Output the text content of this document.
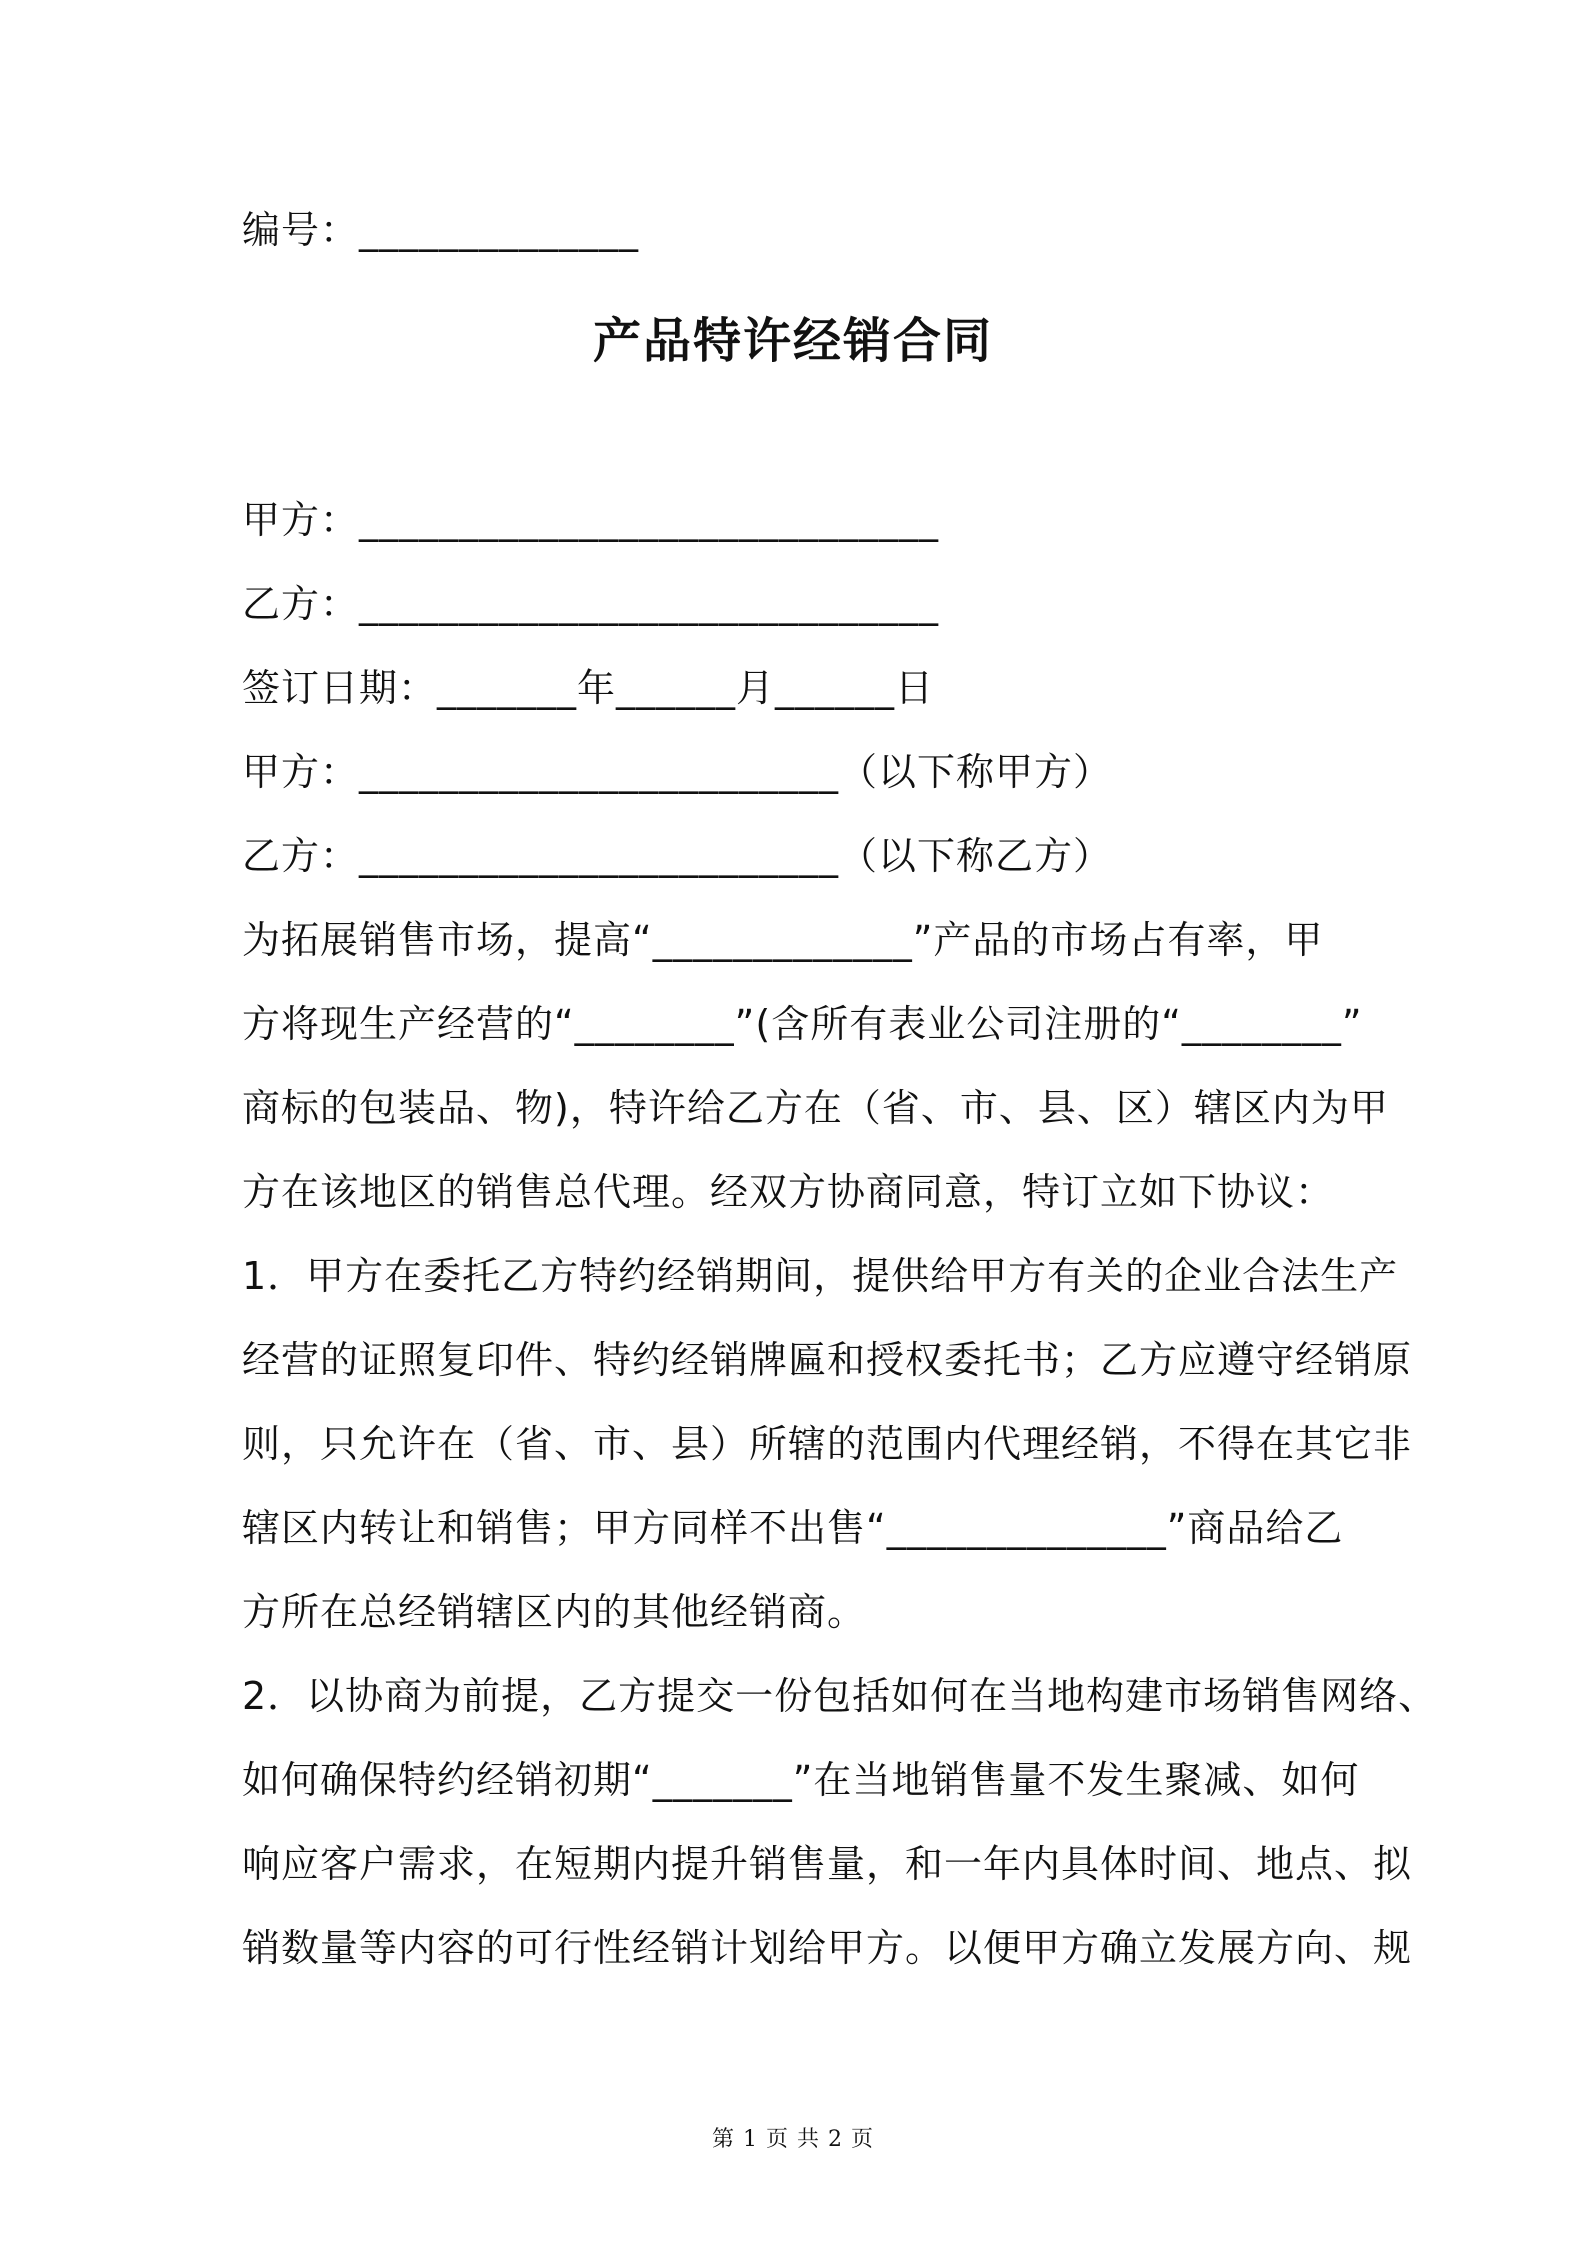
编号：______________
产品特许经销合同
甲方：_____________________________
乙方：_____________________________
签订日期：_______年______月______日
甲方：________________________（以下称甲方）
乙方：________________________（以下称乙方）
为拓展销售市场，提高“_____________”产品的市场占有率，甲
方将现生产经营的“________”(含所有表业公司注册的“________”
商标的包装品、物)，特许给乙方在（省、市、县、区）辖区内为甲
方在该地区的销售总代理。经双方协商同意，特订立如下协议：
1．甲方在委托乙方特约经销期间，提供给甲方有关的企业合法生产
经营的证照复印件、特约经销牌匾和授权委托书；乙方应遵守经销原
则，只允许在（省、市、县）所辖的范围内代理经销，不得在其它非
辖区内转让和销售；甲方同样不出售“______________”商品给乙
方所在总经销辖区内的其他经销商。
2．以协商为前提，乙方提交一份包括如何在当地构建市场销售网络、
如何确保特约经销初期“_______”在当地销售量不发生聚减、如何
响应客户需求，在短期内提升销售量，和一年内具体时间、地点、拟
销数量等内容的可行性经销计划给甲方。以便甲方确立发展方向、规
第 1 页 共 2 页
